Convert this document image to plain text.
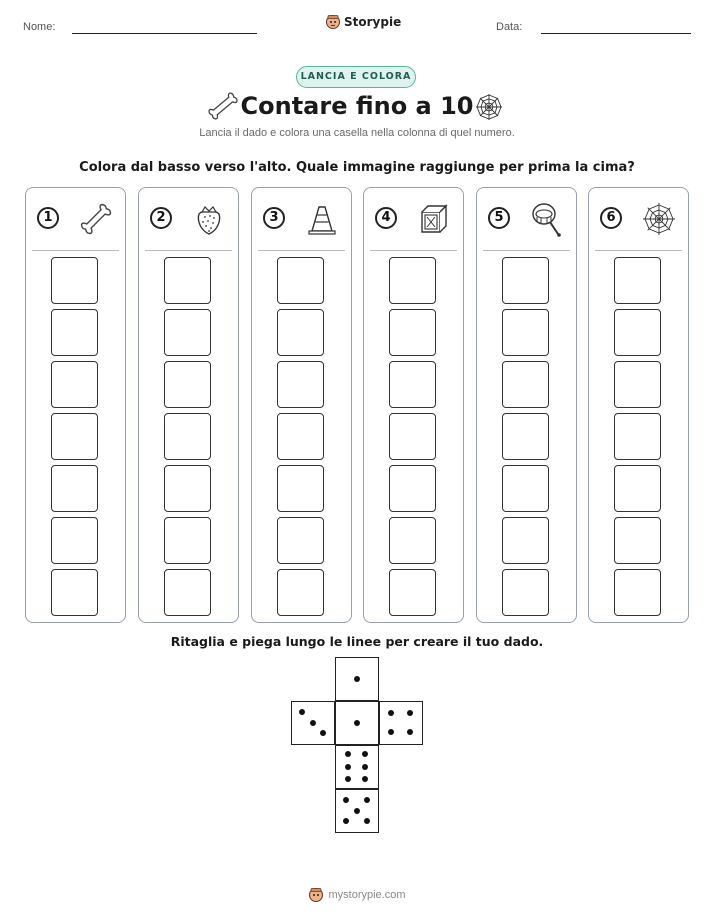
Nome:	Storypie	Data:
LANCIA E COLORA
Contare fino a 10
Lancia il dado e colora una casella nella colonna di quel numero.
Colora dal basso verso l'alto. Quale immagine raggiunge per prima la cima?
1	2	3	4	5	6
Ritaglia e piega lungo le linee per creare il tuo dado.
mystorypie.com
